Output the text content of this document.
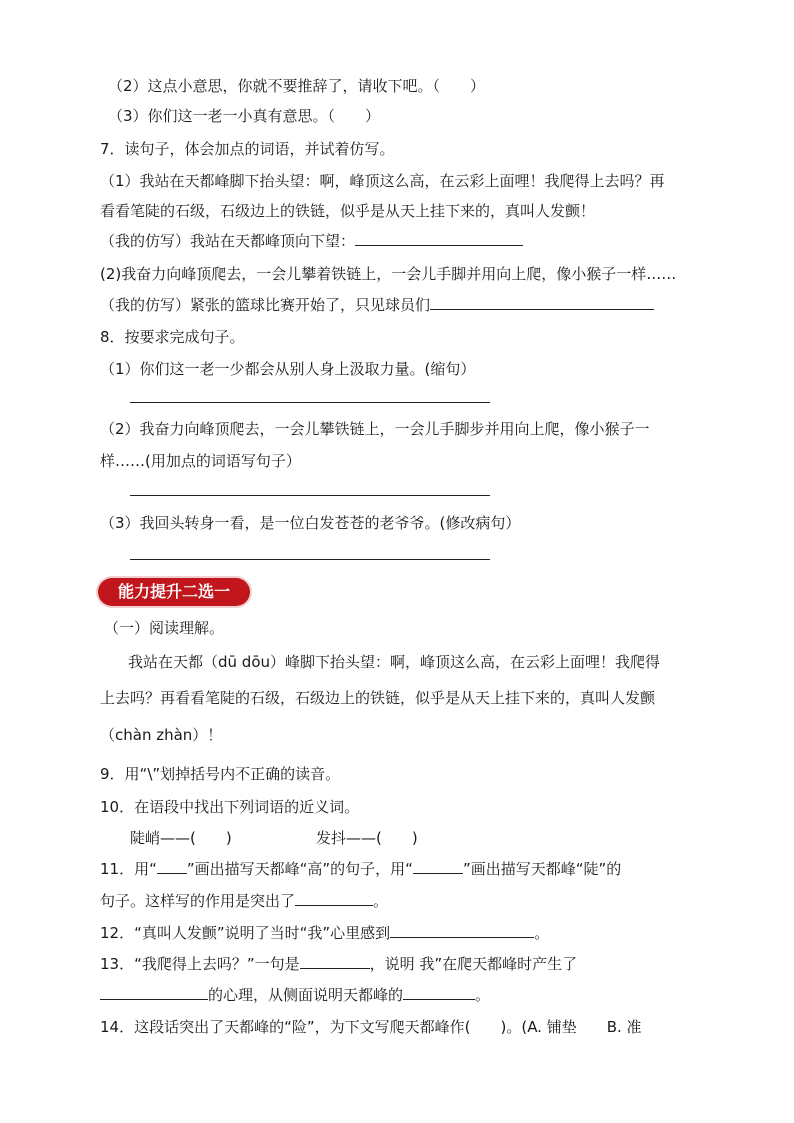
（2）这点小意思，你就不要推辞了，请收下吧。（　　）
（3）你们这一老一小真有意思。（　　）
7．读句子，体会加点的词语，并试着仿写。
（1）我站在天都峰脚下抬头望：啊，峰顶这么高，在云彩上面哩！我爬得上去吗？再
看看笔陡的石级，石级边上的铁链，似乎是从天上挂下来的，真叫人发颤！
（我的仿写）我站在天都峰顶向下望：
(2)我奋力向峰顶爬去，一会儿攀着铁链上，一会儿手脚并用向上爬，像小猴子一样……
（我的仿写）紧张的篮球比赛开始了，只见球员们
8．按要求完成句子。
（1）你们这一老一少都会从别人身上汲取力量。(缩句）
（2）我奋力向峰顶爬去，一会儿攀铁链上，一会儿手脚步并用向上爬，像小猴子一
样……(用加点的词语写句子）
（3）我回头转身一看，是一位白发苍苍的老爷爷。(修改病句）
能力提升二选一
（一）阅读理解。
我站在天都（dū dōu）峰脚下抬头望：啊，峰顶这么高，在云彩上面哩！我爬得
上去吗？再看看笔陡的石级，石级边上的铁链，似乎是从天上挂下来的，真叫人发颤
（chàn zhàn）！
9．用“\”划掉括号内不正确的读音。
10．在语段中找出下列词语的近义词。
陡峭——(　　)	发抖——(　　)
11．用“ ”画出描写天都峰“高”的句子，用“	”画出描写天都峰“陡”的
句子。这样写的作用是突出了	。
12．“真叫人发颤”说明了当时“我”心里感到	。
13．“我爬得上去吗？”一句是	，说明 我”在爬天都峰时产生了
的心理，从侧面说明天都峰的	。
14．这段话突出了天都峰的“险”，为下文写爬天都峰作(　　)。(A. 铺垫　　B. 准
